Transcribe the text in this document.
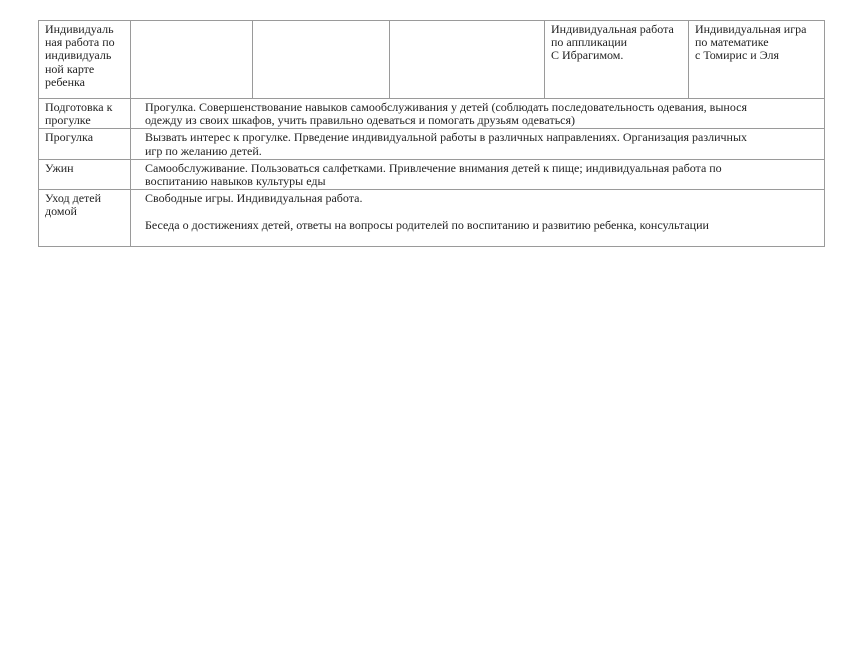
Индивидуаль
ная работа по
индивидуаль
ной карте
ребенка				Индивидуальная работа
по аппликации
С Ибрагимом.	Индивидуальная игра
по математике
с Томирис и Эля

Подготовка к
прогулке	Прогулка. Совершенствование навыков самообслуживания у детей (соблюдать последовательность одевания, вынося
одежду из своих шкафов, учить правильно одеваться и помогать друзьям одеваться)				

Прогулка	Вызвать интерес к прогулке. Прведение индивидуальной работы в различных направлениях. Организация различных
игр по желанию детей.				

Ужин	Самообслуживание. Пользоваться салфетками. Привлечение внимания детей к пище; индивидуальная работа по
воспитанию навыков культуры еды				

Уход детей
домой	Свободные игры. Индивидуальная работа.
Беседа о достижениях детей, ответы на вопросы родителей по воспитанию и развитию ребенка, консультации				
